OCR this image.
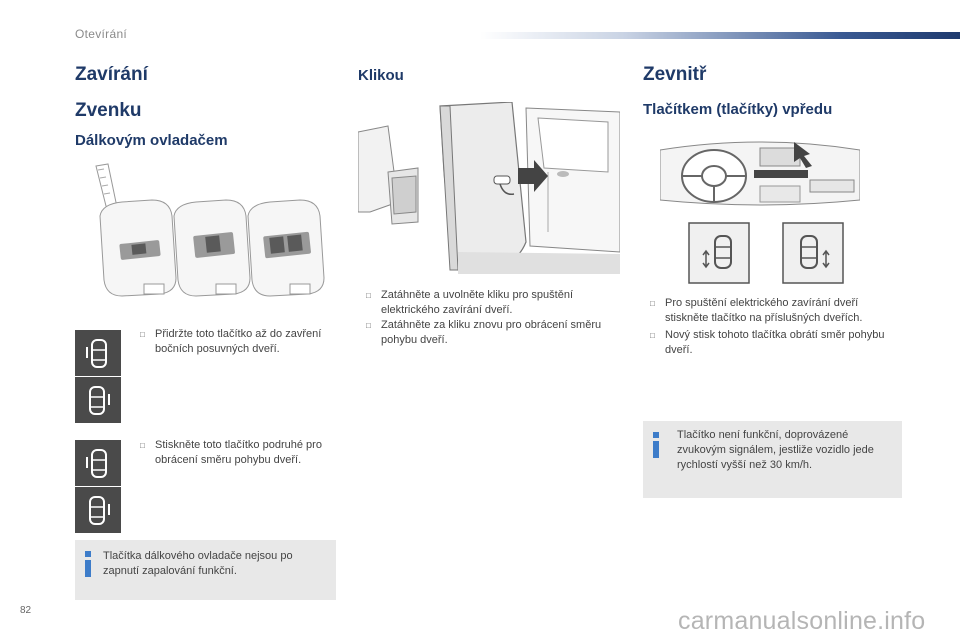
Otevírání
Zavírání
Zvenku
Dálkovým ovladačem
□ Přidržte toto tlačítko až do zavření bočních posuvných dveří.
□ Stiskněte toto tlačítko podruhé pro obrácení směru pohybu dveří.
Tlačítka dálkového ovladače nejsou po zapnutí zapalování funkční.
Klikou
□ Zatáhněte a uvolněte kliku pro spuštění elektrického zavírání dveří.
□ Zatáhněte za kliku znovu pro obrácení směru pohybu dveří.
Zevnitř
Tlačítkem (tlačítky) vpředu
□ Pro spuštění elektrického zavírání dveří stiskněte tlačítko na příslušných dveřích.
□ Nový stisk tohoto tlačítka obrátí směr pohybu dveří.
Tlačítko není funkční, doprovázené zvukovým signálem, jestliže vozidlo jede rychlostí vyšší než 30 km/h.
82	carmanualsonline.info
